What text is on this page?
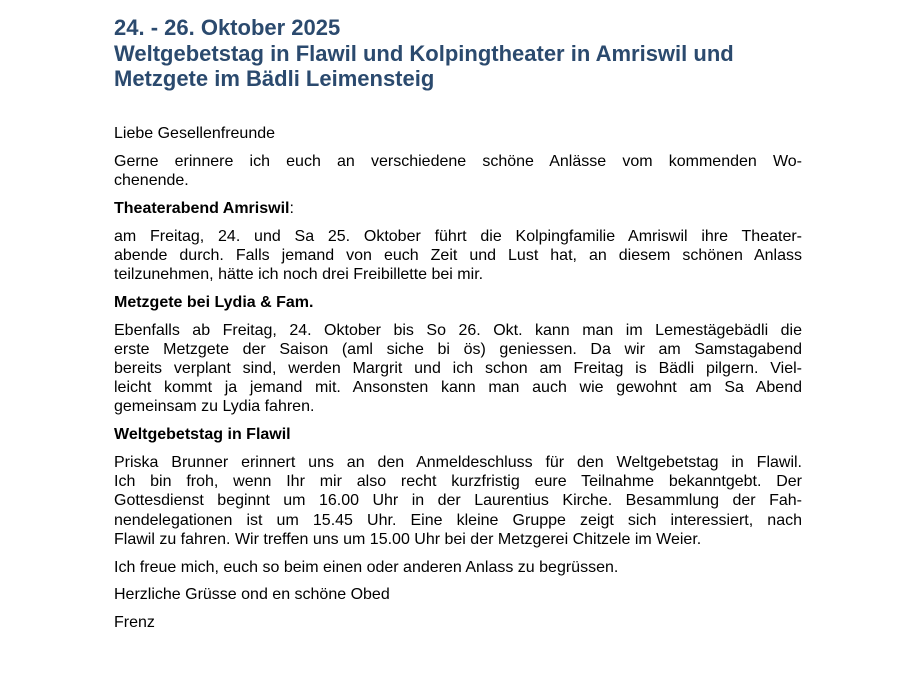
24. - 26. Oktober 2025
Weltgebetstag in Flawil und Kolpingtheater in Amriswil und
Metzgete im Bädli Leimensteig

Liebe Gesellenfreunde

Gerne erinnere ich euch an verschiedene schöne Anlässe vom kommenden Wo-
chenende.

Theaterabend Amriswil:

am Freitag, 24. und Sa 25. Oktober führt die Kolpingfamilie Amriswil ihre Theater-
abende durch. Falls jemand von euch Zeit und Lust hat, an diesem schönen Anlass
teilzunehmen, hätte ich noch drei Freibillette bei mir.

Metzgete bei Lydia & Fam.

Ebenfalls ab Freitag, 24. Oktober bis So 26. Okt. kann man im Lemestägebädli die
erste Metzgete der Saison (aml siche bi ös) geniessen. Da wir am Samstagabend
bereits verplant sind, werden Margrit und ich schon am Freitag is Bädli pilgern. Viel-
leicht kommt ja jemand mit. Ansonsten kann man auch wie gewohnt am Sa Abend
gemeinsam zu Lydia fahren.

Weltgebetstag in Flawil

Priska Brunner erinnert uns an den Anmeldeschluss für den Weltgebetstag in Flawil.
Ich bin froh, wenn Ihr mir also recht kurzfristig eure Teilnahme bekanntgebt. Der
Gottesdienst beginnt um 16.00 Uhr in der Laurentius Kirche. Besammlung der Fah-
nendelegationen ist um 15.45 Uhr. Eine kleine Gruppe zeigt sich interessiert, nach
Flawil zu fahren. Wir treffen uns um 15.00 Uhr bei der Metzgerei Chitzele im Weier.

Ich freue mich, euch so beim einen oder anderen Anlass zu begrüssen.

Herzliche Grüsse ond en schöne Obed

Frenz
